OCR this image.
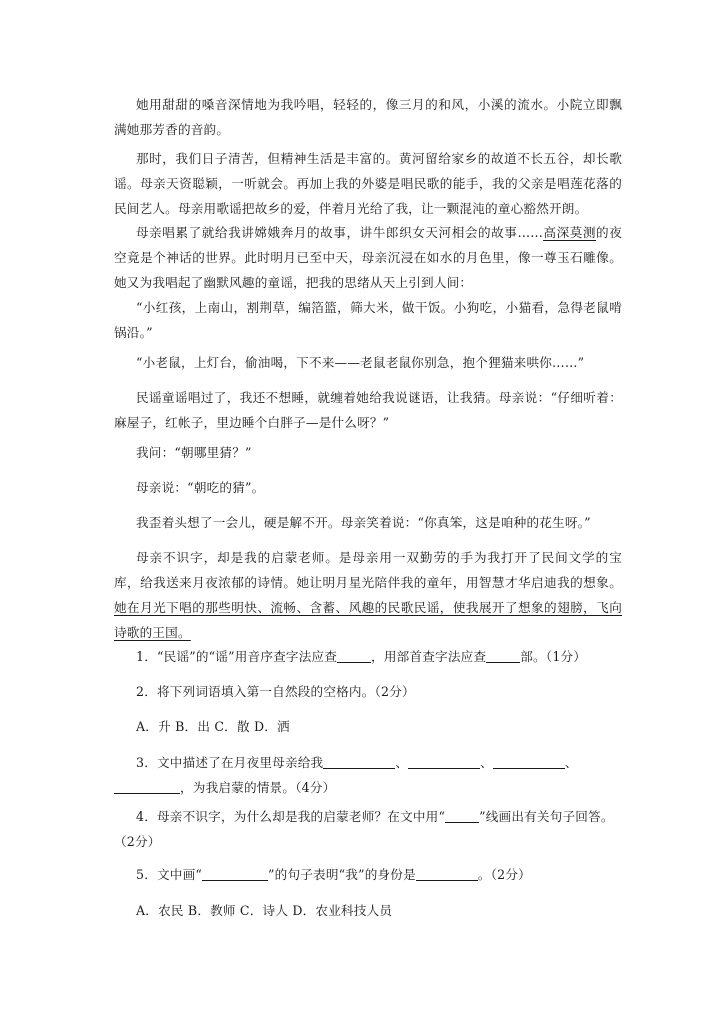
她用甜甜的嗓音深情地为我吟唱，轻轻的，像三月的和风，小溪的流水。小院立即飘满她那芳香的音韵。

那时，我们日子清苦，但精神生活是丰富的。黄河留给家乡的故道不长五谷，却长歌谣。母亲天资聪颖，一听就会。再加上我的外婆是唱民歌的能手，我的父亲是唱莲花落的民间艺人。母亲用歌谣把故乡的爱，伴着月光给了我，让一颗混沌的童心豁然开朗。

母亲唱累了就给我讲嫦娥奔月的故事，讲牛郎织女天河相会的故事……高深莫测的夜空竟是个神话的世界。此时明月已至中天，母亲沉浸在如水的月色里，像一尊玉石雕像。她又为我唱起了幽默风趣的童谣，把我的思绪从天上引到人间：

“小红孩，上南山，割荆草，编箔篮，筛大米，做干饭。小狗吃，小猫看，急得老鼠啃锅沿。”

“小老鼠，上灯台，偷油喝，下不来——老鼠老鼠你别急，抱个狸猫来哄你……”

民谣童谣唱过了，我还不想睡，就缠着她给我说谜语，让我猜。母亲说：“仔细听着：麻屋子，红帐子，里边睡个白胖子—是什么呀？”

我问：“朝哪里猜？”

母亲说：“朝吃的猜”。

我歪着头想了一会儿，硬是解不开。母亲笑着说：“你真笨，这是咱种的花生呀。”

母亲不识字，却是我的启蒙老师。是母亲用一双勤劳的手为我打开了民间文学的宝库，给我送来月夜浓郁的诗情。她让明月星光陪伴我的童年，用智慧才华启迪我的想象。她在月光下唱的那些明快、流畅、含蓄、风趣的民歌民谣，使我展开了想象的翅膀，飞向诗歌的王国。

1．“民谣”的“谣”用音序查字法应查	，用部首查字法应查	部。（1分）

2．将下列词语填入第一自然段的空格内。（2分）

A．升 B．出 C．散 D．洒

3．文中描述了在月夜里母亲给我	、	、	、，为我启蒙的情景。（4分）

4．母亲不识字，为什么却是我的启蒙老师？在文中用“	”线画出有关句子回答。（2分）

5．文中画“	”的句子表明“我”的身份是	。（2分）

A．农民 B．教师 C．诗人 D．农业科技人员
